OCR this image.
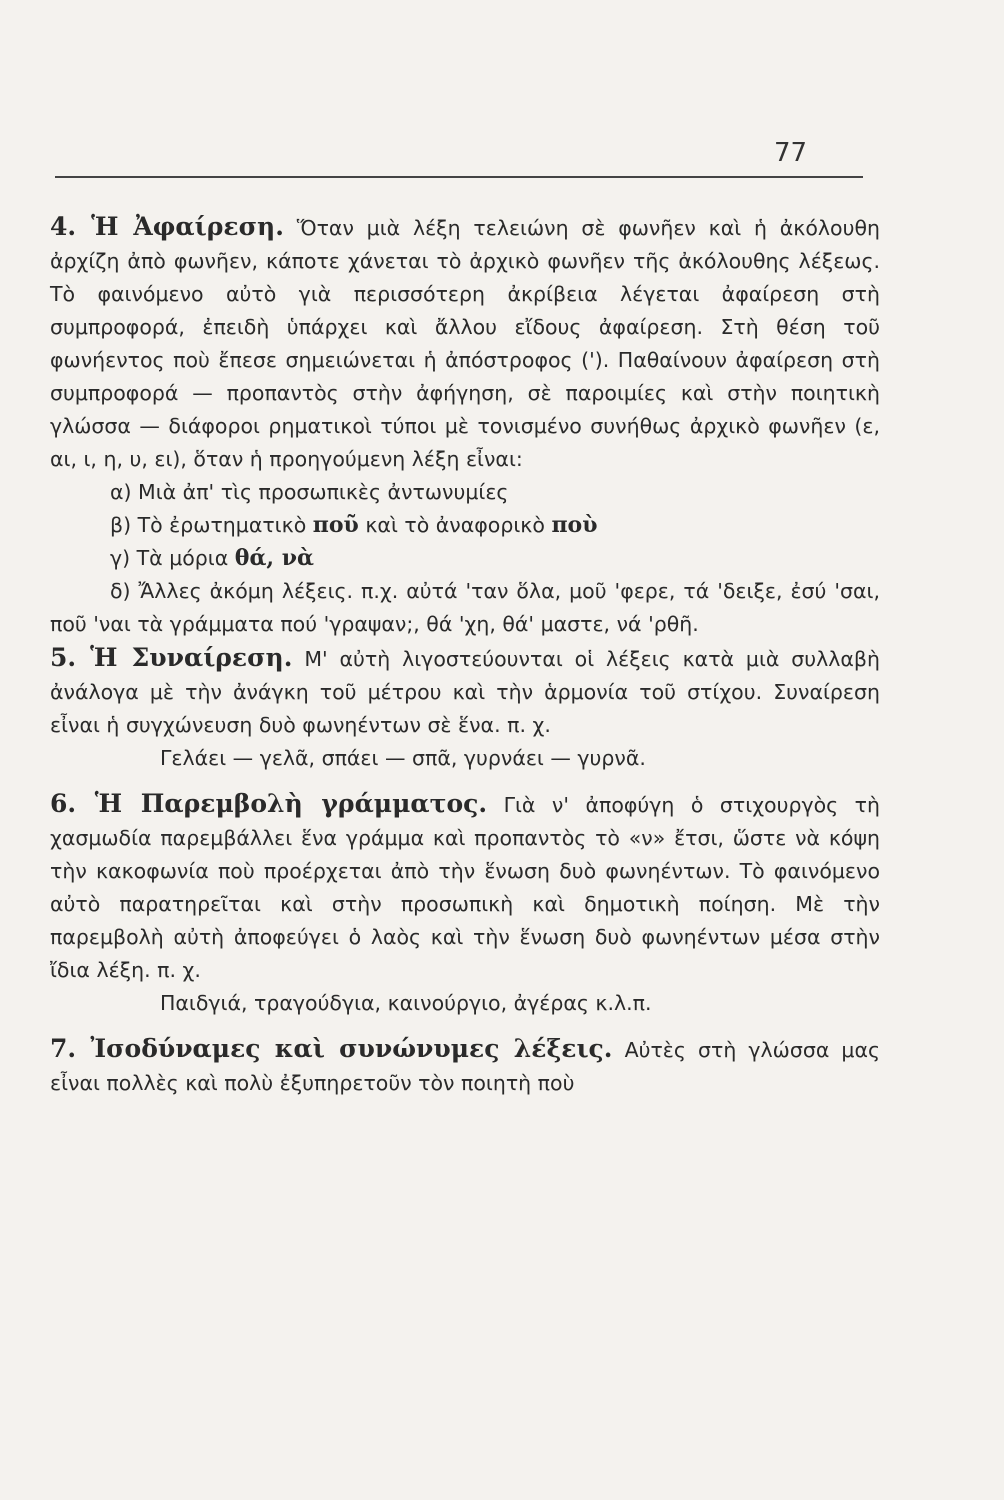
77

4. Ἡ Ἀφαίρεση. Ὅταν μιὰ λέξη τελειώνη σὲ φωνῆεν καὶ ἡ ἀκόλουθη ἀρχίζη ἀπὸ φωνῆεν, κάποτε χάνεται τὸ ἀρχικὸ φωνῆεν τῆς ἀκόλουθης λέξεως. Τὸ φαινόμενο αὐτὸ γιὰ περισσότερη ἀκρίβεια λέγεται ἀφαίρεση στὴ συμπροφορά, ἐπειδὴ ὑπάρχει καὶ ἄλλου εἴδους ἀφαίρεση. Στὴ θέση τοῦ φωνήεντος ποὺ ἔπεσε σημειώνεται ἡ ἀπόστροφος ('). Παθαίνουν ἀφαίρεση στὴ συμπροφορά — προπαντὸς στὴν ἀφήγηση, σὲ παροιμίες καὶ στὴν ποιητικὴ γλώσσα — διάφοροι ρηματικοὶ τύποι μὲ τονισμένο συνήθως ἀρχικὸ φωνῆεν (ε, αι, ι, η, υ, ει), ὅταν ἡ προηγούμενη λέξη εἶναι:

α) Μιὰ ἀπ' τὶς προσωπικὲς ἀντωνυμίες

β) Τὸ ἐρωτηματικὸ ποῦ καὶ τὸ ἀναφορικὸ ποὺ

γ) Τὰ μόρια θά, νὰ

δ) Ἄλλες ἀκόμη λέξεις. π.χ. αὐτά 'ταν ὅλα, μοῦ 'φερε, τά 'δειξε, ἐσύ 'σαι, ποῦ 'ναι τὰ γράμματα πού 'γραψαν;, θά 'χη, θά' μαστε, νά 'ρθῆ.

5. Ἡ Συναίρεση. Μ' αὐτὴ λιγοστεύουνται οἱ λέξεις κατὰ μιὰ συλλαβὴ ἀνάλογα μὲ τὴν ἀνάγκη τοῦ μέτρου καὶ τὴν ἁρμονία τοῦ στίχου. Συναίρεση εἶναι ἡ συγχώνευση δυὸ φωνηέντων σὲ ἕνα. π. χ.

Γελάει — γελᾶ, σπάει — σπᾶ, γυρνάει — γυρνᾶ.

6. Ἡ Παρεμβολὴ γράμματος. Γιὰ ν' ἀποφύγη ὁ στιχουργὸς τὴ χασμωδία παρεμβάλλει ἕνα γράμμα καὶ προπαντὸς τὸ «ν» ἔτσι, ὥστε νὰ κόψη τὴν κακοφωνία ποὺ προέρχεται ἀπὸ τὴν ἕνωση δυὸ φωνηέντων. Τὸ φαινόμενο αὐτὸ παρατηρεῖται καὶ στὴν προσωπικὴ καὶ δημοτικὴ ποίηση. Μὲ τὴν παρεμβολὴ αὐτὴ ἀποφεύγει ὁ λαὸς καὶ τὴν ἕνωση δυὸ φωνηέντων μέσα στὴν ἴδια λέξη. π. χ.

Παιδγιά, τραγούδγια, καινούργιο, ἀγέρας κ.λ.π.

7. Ἰσοδύναμες καὶ συνώνυμες λέξεις. Αὐτὲς στὴ γλώσσα μας εἶναι πολλὲς καὶ πολὺ ἐξυπηρετοῦν τὸν ποιητὴ ποὺ
